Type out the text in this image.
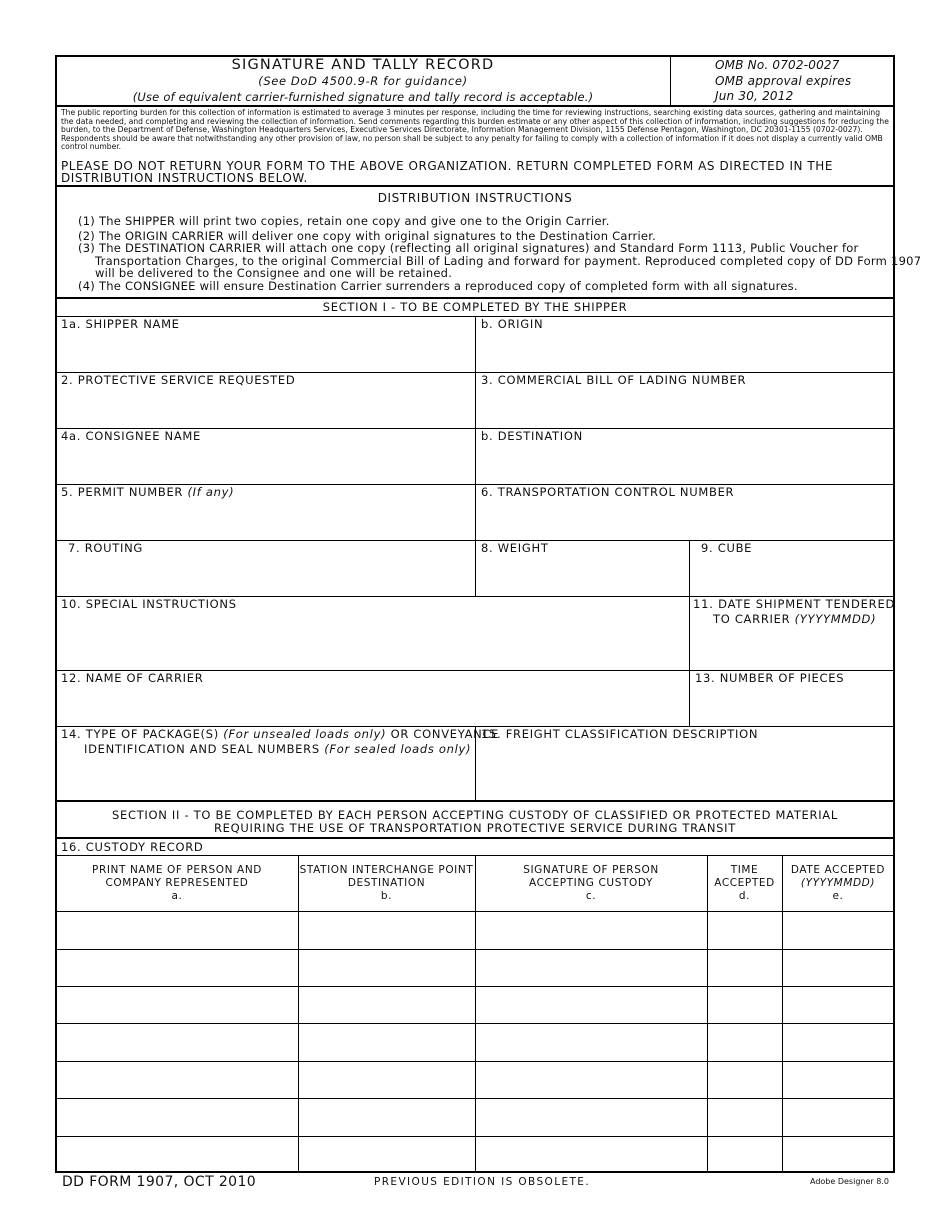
SIGNATURE AND TALLY RECORD
(See DoD 4500.9-R for guidance)
(Use of equivalent carrier-furnished signature and tally record is acceptable.)
OMB No. 0702-0027
OMB approval expires
Jun 30, 2012
The public reporting burden for this collection of information is estimated to average 3 minutes per response, including the time for reviewing instructions, searching existing data sources, gathering and maintaining the data needed, and completing and reviewing the collection of information. Send comments regarding this burden estimate or any other aspect of this collection of information, including suggestions for reducing the burden, to the Department of Defense, Washington Headquarters Services, Executive Services Directorate, Information Management Division, 1155 Defense Pentagon, Washington, DC 20301-1155 (0702-0027). Respondents should be aware that notwithstanding any other provision of law, no person shall be subject to any penalty for failing to comply with a collection of information if it does not display a currently valid OMB control number.
PLEASE DO NOT RETURN YOUR FORM TO THE ABOVE ORGANIZATION. RETURN COMPLETED FORM AS DIRECTED IN THE
DISTRIBUTION INSTRUCTIONS BELOW.
DISTRIBUTION INSTRUCTIONS
(1) The SHIPPER will print two copies, retain one copy and give one to the Origin Carrier.
(2) The ORIGIN CARRIER will deliver one copy with original signatures to the Destination Carrier.
(3) The DESTINATION CARRIER will attach one copy (reflecting all original signatures) and Standard Form 1113, Public Voucher for
Transportation Charges, to the original Commercial Bill of Lading and forward for payment. Reproduced completed copy of DD Form 1907
will be delivered to the Consignee and one will be retained.
(4) The CONSIGNEE will ensure Destination Carrier surrenders a reproduced copy of completed form with all signatures.
SECTION I - TO BE COMPLETED BY THE SHIPPER
1a. SHIPPER NAME	b. ORIGIN
2. PROTECTIVE SERVICE REQUESTED	3. COMMERCIAL BILL OF LADING NUMBER
4a. CONSIGNEE NAME	b. DESTINATION
5. PERMIT NUMBER (If any)	6. TRANSPORTATION CONTROL NUMBER
7. ROUTING	8. WEIGHT	9. CUBE
10. SPECIAL INSTRUCTIONS	11. DATE SHIPMENT TENDERED
TO CARRIER (YYYYMMDD)
12. NAME OF CARRIER	13. NUMBER OF PIECES
14. TYPE OF PACKAGE(S) (For unsealed loads only) OR CONVEYANCE
IDENTIFICATION AND SEAL NUMBERS (For sealed loads only)
15. FREIGHT CLASSIFICATION DESCRIPTION
SECTION II - TO BE COMPLETED BY EACH PERSON ACCEPTING CUSTODY OF CLASSIFIED OR PROTECTED MATERIAL
REQUIRING THE USE OF TRANSPORTATION PROTECTIVE SERVICE DURING TRANSIT
16. CUSTODY RECORD
PRINT NAME OF PERSON AND
COMPANY REPRESENTED
a.
STATION INTERCHANGE POINT
DESTINATION
b.
SIGNATURE OF PERSON
ACCEPTING CUSTODY
c.
TIME
ACCEPTED
d.
DATE ACCEPTED
(YYYYMMDD)
e.
DD FORM 1907, OCT 2010	PREVIOUS EDITION IS OBSOLETE.	Adobe Designer 8.0
